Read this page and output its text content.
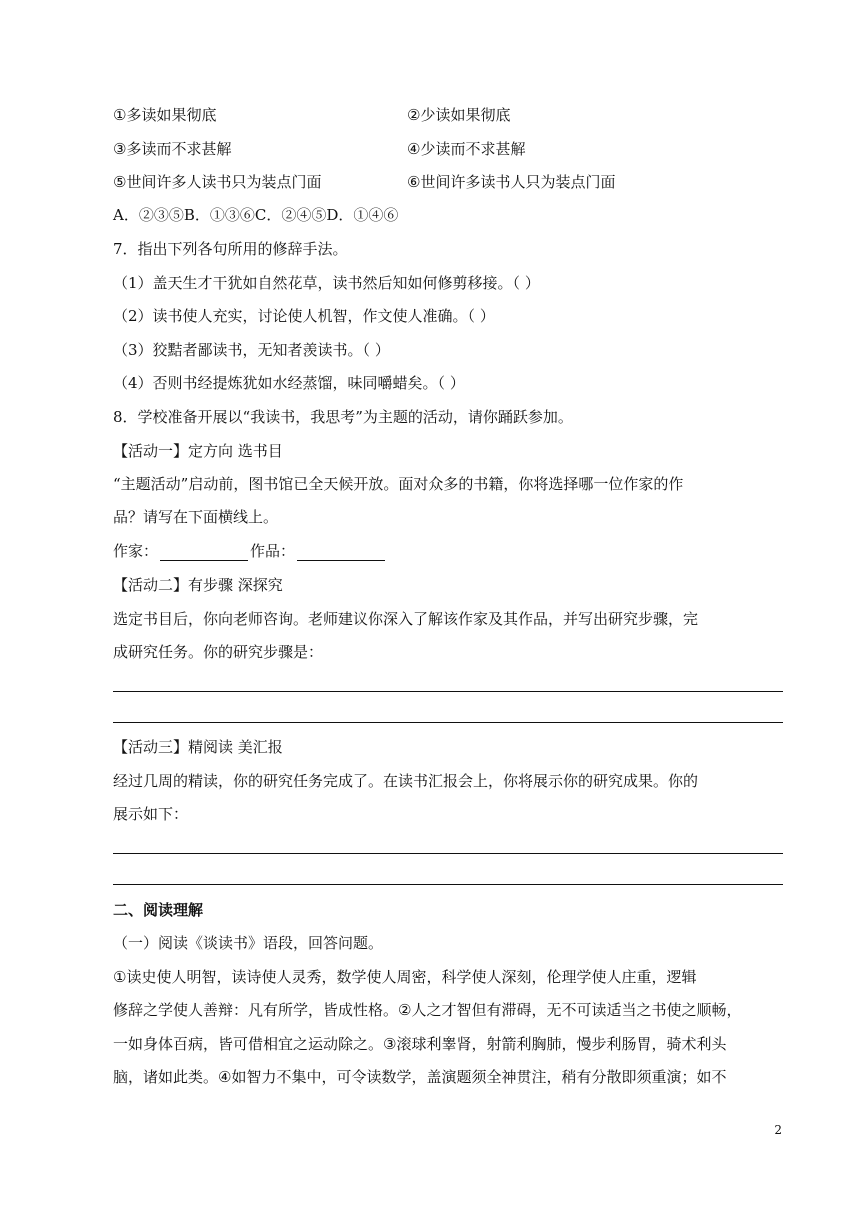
①多读如果彻底	②少读如果彻底
③多读而不求甚解	④少读而不求甚解
⑤世间许多人读书只为装点门面	⑥世间许多读书人只为装点门面
A．②③⑤B．①③⑥C．②④⑤D．①④⑥
7．指出下列各句所用的修辞手法。
（1）盖天生才干犹如自然花草，读书然后知如何修剪移接。（ ）
（2）读书使人充实，讨论使人机智，作文使人准确。（ ）
（3）狡黠者鄙读书，无知者羡读书。（ ）
（4）否则书经提炼犹如水经蒸馏，味同嚼蜡矣。（ ）
8．学校准备开展以“我读书，我思考”为主题的活动，请你踊跃参加。
【活动一】定方向 选书目
“主题活动”启动前，图书馆已全天候开放。面对众多的书籍，你将选择哪一位作家的作
品？请写在下面横线上。
作家：	作品：
【活动二】有步骤 深探究
选定书目后，你向老师咨询。老师建议你深入了解该作家及其作品，并写出研究步骤，完
成研究任务。你的研究步骤是：
【活动三】精阅读 美汇报
经过几周的精读，你的研究任务完成了。在读书汇报会上，你将展示你的研究成果。你的
展示如下：
二、阅读理解
（一）阅读《谈读书》语段，回答问题。
①读史使人明智，读诗使人灵秀，数学使人周密，科学使人深刻，伦理学使人庄重，逻辑
修辞之学使人善辩：凡有所学，皆成性格。②人之才智但有滞碍，无不可读适当之书使之顺畅，
一如身体百病，皆可借相宜之运动除之。③滚球利睾肾，射箭利胸肺，慢步利肠胃，骑术利头
脑，诸如此类。④如智力不集中，可令读数学，盖演题须全神贯注，稍有分散即须重演；如不
2
